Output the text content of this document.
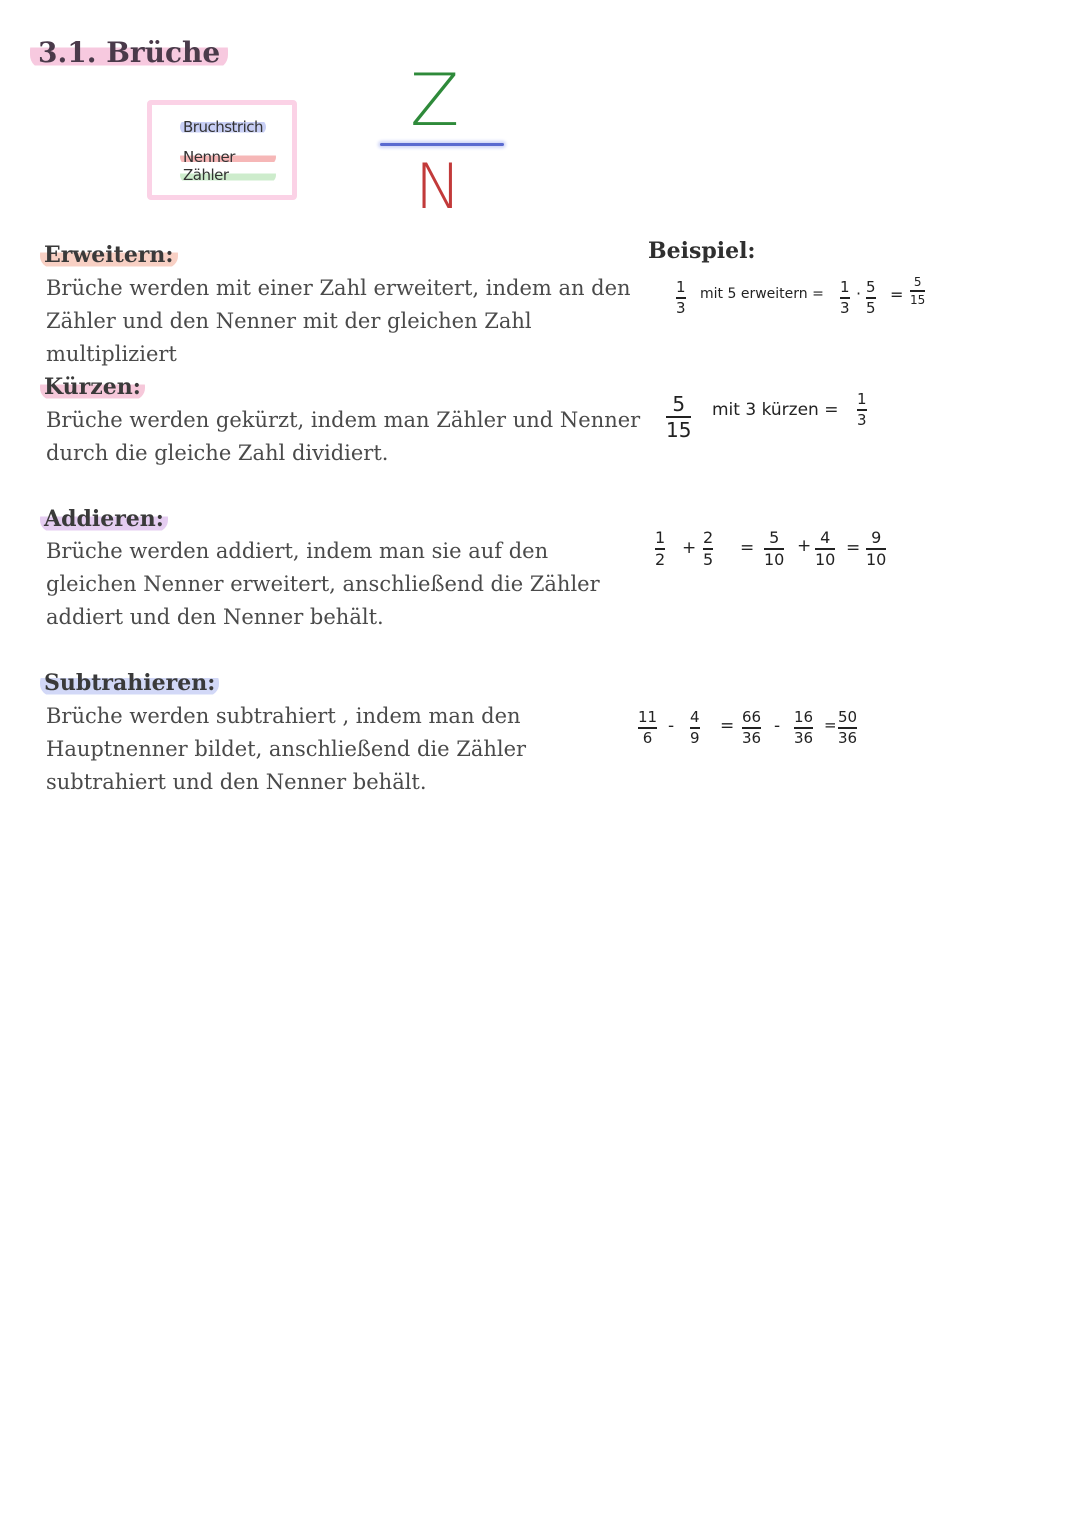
3.1. Brüche
Bruchstrich
Nenner
Zähler
Z
N
Beispiel:
Erweitern:
Brüche werden mit einer Zahl erweitert, indem an den Zähler und den Nenner mit der gleichen Zahl multipliziert
1
3
mit 5 erweitern = 1
3
· 5
5
=
5
15
Kürzen:
Brüche werden gekürzt, indem man Zähler und Nenner durch die gleiche Zahl dividiert.
5
15
mit 3 kürzen =
1
3
Addieren:
Brüche werden addiert, indem man sie auf den gleichen Nenner erweitert, anschließend die Zähler addiert und den Nenner behält.
1
2
+
2
5
=
5
10
+ 4
10
=
9
10
Subtrahieren:
Brüche werden subtrahiert , indem man den Hauptnenner bildet, anschließend die Zähler subtrahiert und den Nenner behält.
11
6
- 4
9
= 66
36
- 16
36
= 50
36
